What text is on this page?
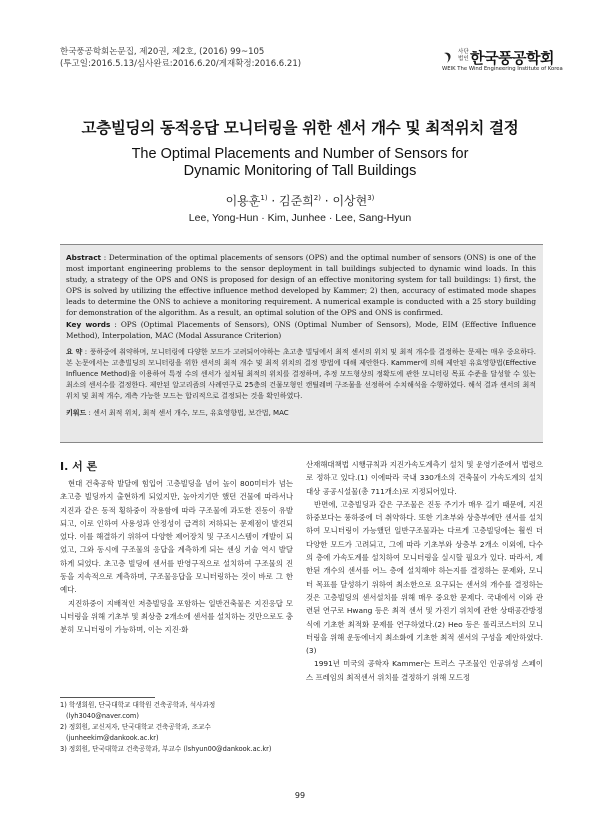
한국풍공학회논문집, 제20권, 제2호, (2016) 99~105
(투고일:2016.5.13/심사완료:2016.6.20/게재확정:2016.6.21)
사단
법인 한국풍공학회
WEIK The Wind Engineering Institute of Korea
고층빌딩의 동적응답 모니터링을 위한 센서 개수 및 최적위치 결정
The Optimal Placements and Number of Sensors for
Dynamic Monitoring of Tall Buildings
이용훈$^{1)}$ · 김준희$^{2)}$ · 이상현$^{3)}$
Lee, Yong-Hun · Kim, Junhee · Lee, Sang-Hyun
Abstract : Determination of the optimal placements of sensors (OPS) and the optimal number of sensors (ONS) is one of the most important engineering problems to the sensor deployment in tall buildings subjected to dynamic wind loads. In this study, a strategy of the OPS and ONS is proposed for design of an effective monitoring system for tall buildings: 1) first, the OPS is solved by utilizing the effective influence method developed by Kammer; 2) then, accuracy of estimated mode shapes leads to determine the ONS to achieve a monitoring requirement. A numerical example is conducted with a 25 story building for demonstration of the algorithm. As a result, an optimal solution of the OPS and ONS is confirmed.
Key words : OPS (Optimal Placements of Sensors), ONS (Optimal Number of Sensors), Mode, EIM (Effective Influence Method), Interpolation, MAC (Modal Assurance Criterion)
요 약 : 풍하중에 취약하며, 모니터링에 다양한 모드가 고려되어야하는 초고층 빌딩에서 최적 센서의 위치 및 최적 개수를 결정하는 문제는 매우 중요하다. 본 논문에서는 고층빌딩의 모니터링을 위한 센서의 최적 개수 및 최적 위치의 결정 방법에 대해 제안한다. Kammer에 의해 제안된 유효영향법(Effective Influence Method)을 이용하여 특정 수의 센서가 설치될 최적의 위치를 결정하며, 추정 모드형상의 정확도에 관한 모니터링 목표 수준을 달성할 수 있는 최소의 센서수를 결정한다. 제안된 알고리즘의 사례연구로 25층의 건물모형인 캔틸레버 구조물을 선정하여 수치해석을 수행하였다. 해석 결과 센서의 최적 위치 및 최적 개수, 계측 가능한 모드는 합리적으로 결정되는 것을 확인하였다.
키워드 : 센서 최적 위치, 최적 센서 개수, 모드, 유효영향법, 보간법, MAC
I. 서 론

현대 건축공학 발달에 힘입어 고층빌딩을 넘어 높이 800미터가 넘는 초고층 빌딩까지 출현하게 되었지만, 높아지기만 했던 건물에 따라서나 지진과 같은 동적 횡하중이 작용함에 따라 구조물에 과도한 진동이 유발되고, 이로 인하여 사용성과 안정성이 급격히 저하되는 문제점이 발견되었다. 이를 해결하기 위하여 다양한 제어장치 및 구조시스템이 개발이 되었고, 그와 동시에 구조물의 응답을 계측하게 되는 센싱 기술 역시 발달 하게 되었다. 초고층 빌딩에 센서를 반영구적으로 설치하여 구조물의 진동을 지속적으로 계측하며, 구조물응답을 모니터링하는 것이 바로 그 한 예다.

지진하중이 지배적인 저층빌딩을 포함하는 일반건축물은 지진응답 모니터링을 위해 기초부 및 최상층 2개소에 센서를 설치하는 것만으로도 충분히 모니터링이 가능하며, 이는 지진·화

1) 학생회원, 단국대학교 대학원 건축공학과, 석사과정
(lyh3040@naver.com)
2) 정회원, 교신저자, 단국대학교 건축공학과, 조교수
(junheekim@dankook.ac.kr)
3) 정회원, 단국대학교 건축공학과, 부교수 (lshyun00@dankook.ac.kr)

산재해대책법 시행규칙과 지진가속도계측기 설치 및 운영기준에서 법령으로 정하고 있다.(1) 이에따라 국내 330개소의 건축물이 가속도계의 설치 대상 공공시설물(총 711개소)로 지정되어있다.

반면에, 고층빌딩과 같은 구조물은 진동 주기가 매우 길기 때문에, 지진하중보다는 풍하중에 더 취약하다. 또한 기초부와 상층부에만 센서를 설치하여 모니터링이 가능했던 일반구조물과는 다르게 고층빌딩에는 훨씬 더 다양한 모드가 고려되고, 그에 따라 기초부와 상층부 2개소 이외에, 다수의 층에 가속도계를 설치하여 모니터링을 실시할 필요가 있다. 따라서, 제한된 개수의 센서를 어느 층에 설치해야 하는지를 결정하는 문제와, 모니터 목표를 달성하기 위하여 최소한으로 요구되는 센서의 개수를 결정하는 것은 고층빌딩의 센서설치를 위해 매우 중요한 문제다. 국내에서 이와 관련된 연구로 Hwang 등은 최적 센서 및 가진기 위치에 관한 상태공간방정식에 기초한 최적화 문제를 연구하였다.(2) Heo 등은 롤리코스터의 모니터링을 위해 운동에너지 최소화에 기초한 최적 센서의 구성을 제안하였다.(3)

1991년 미국의 공학자 Kammer는 트러스 구조물인 인공위성 스페이스 프레임의 최적센서 위치를 결정하기 위해 모드정

99
